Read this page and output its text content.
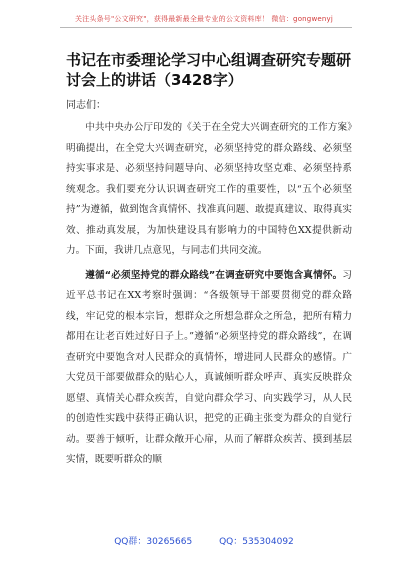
关注头条号"公文研究"，获得最新最全最专业的公文资料库！ 微信：gongwenyj
书记在市委理论学习中心组调查研究专题研讨会上的讲话（3428字）
同志们：

中共中央办公厅印发的《关于在全党大兴调查研究的工作方案》明确提出，在全党大兴调查研究，必须坚持党的群众路线、必须坚持实事求是、必须坚持问题导向、必须坚持攻坚克难、必须坚持系统观念。我们要充分认识调查研究工作的重要性，以“五个必须坚持”为遵循，做到饱含真情怀、找准真问题、敢提真建议、取得真实效、推动真发展，为加快建设具有影响力的中国特色XX提供新动力。下面，我讲几点意见，与同志们共同交流。

遵循“必须坚持党的群众路线”在调查研究中要饱含真情怀。习近平总书记在XX考察时强调：“各级领导干部要贯彻党的群众路线，牢记党的根本宗旨，想群众之所想急群众之所急，把所有精力都用在让老百姓过好日子上。”遵循“必须坚持党的群众路线”，在调查研究中要饱含对人民群众的真情怀，增进同人民群众的感情。广大党员干部要做群众的贴心人，真诚倾听群众呼声、真实反映群众愿望、真情关心群众疾苦，自觉向群众学习、向实践学习，从人民的创造性实践中获得正确认识，把党的正确主张变为群众的自觉行动。要善于倾听，让群众敞开心扉，从而了解群众疾苦、摸到基层实情，既要听群众的顺

QQ群：30265665	QQ：535304092
